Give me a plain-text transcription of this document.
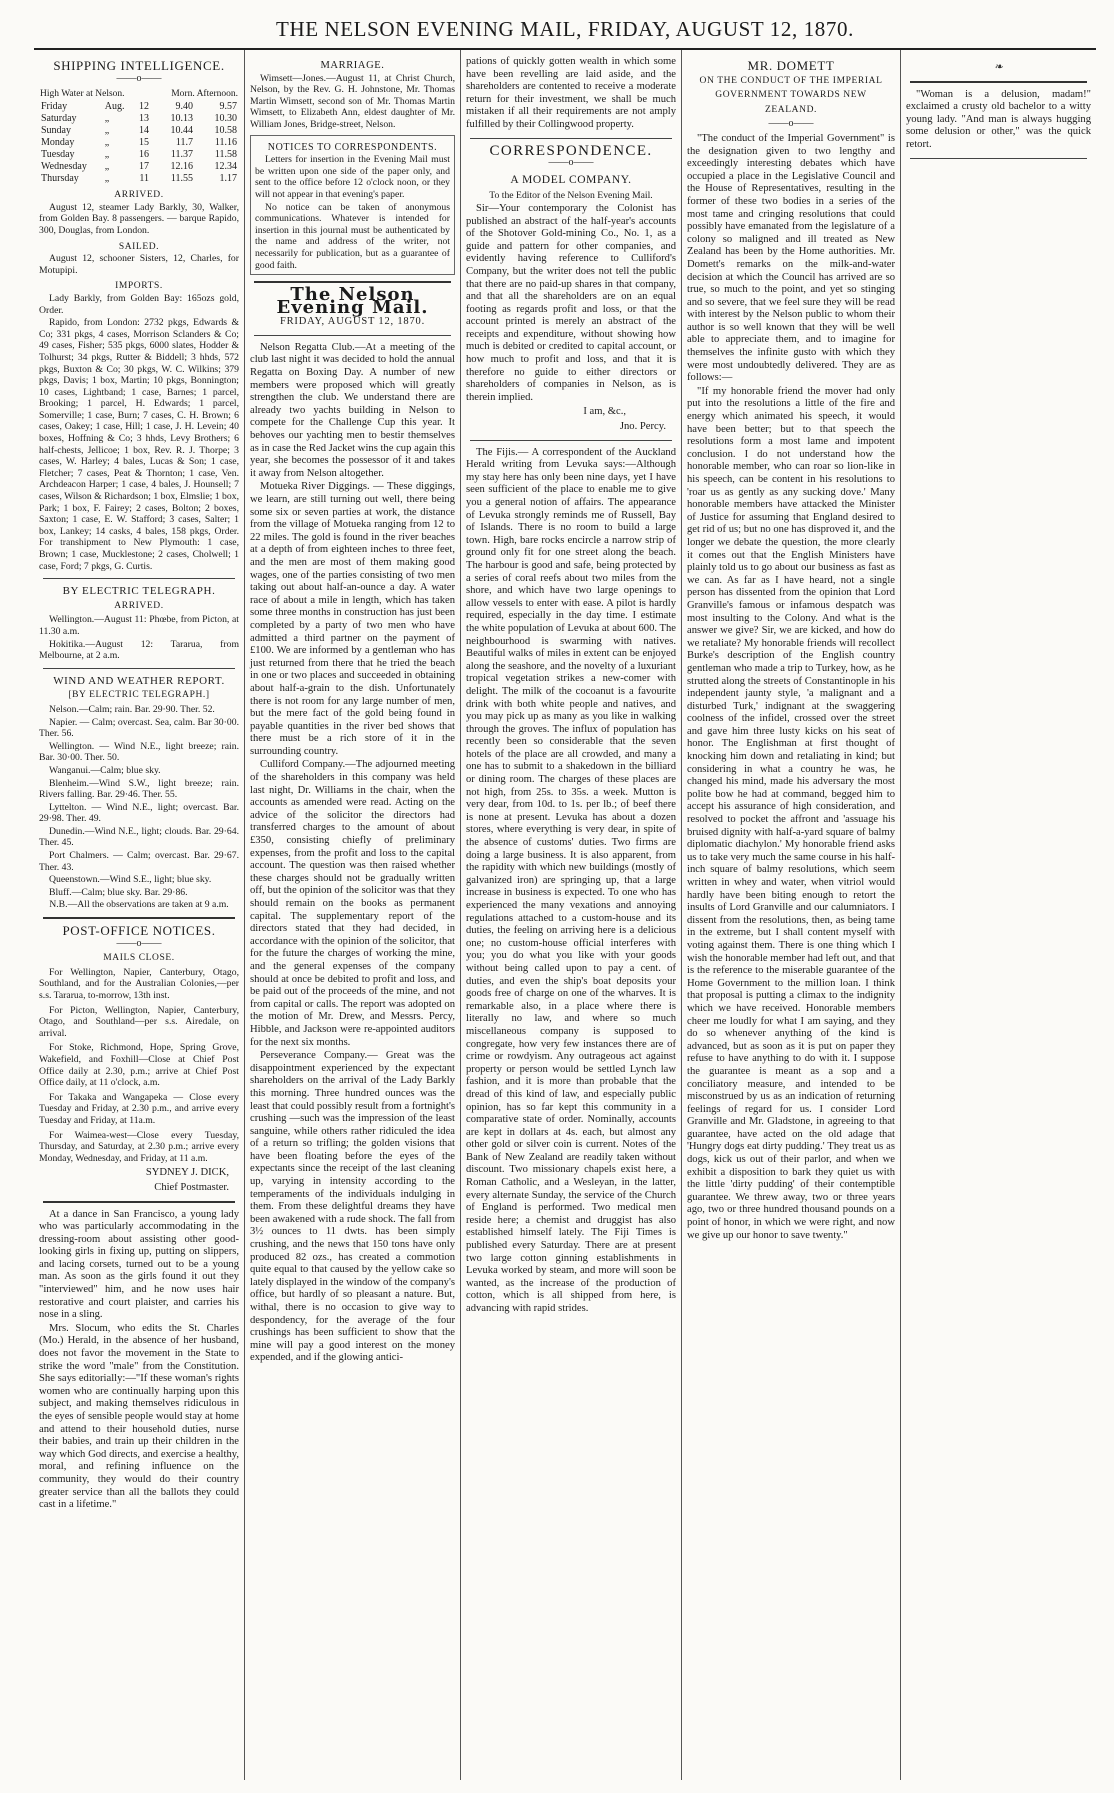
THE NELSON EVENING MAIL, FRIDAY, AUGUST 12, 1870.
SHIPPING INTELLIGENCE.
——o——
High Water at Nelson.			Morn. Afternoon.	
Friday	Aug.	12	9.40	9.57
Saturday	„	13	10.13	10.30
Sunday	„	14	10.44	10.58
Monday	„	15	11.7	11.16
Tuesday	„	16	11.37	11.58
Wednesday	„	17	12.16	12.34
Thursday	„	11	11.55	1.17
ARRIVED.
August 12, steamer Lady Barkly, 30, Walker, from Golden Bay. 8 passengers. — barque Rapido, 300, Douglas, from London.
SAILED.
August 12, schooner Sisters, 12, Charles, for Motupipi.
IMPORTS.
Lady Barkly, from Golden Bay: 165ozs gold, Order.
Rapido, from London: 2732 pkgs, Edwards & Co; 331 pkgs, 4 cases, Morrison Sclanders & Co; 49 cases, Fisher; 535 pkgs, 6000 slates, Hodder & Tolhurst; 34 pkgs, Rutter & Biddell; 3 hhds, 572 pkgs, Buxton & Co; 30 pkgs, W. C. Wilkins; 379 pkgs, Davis; 1 box, Martin; 10 pkgs, Bonnington; 10 cases, Lightband; 1 case, Barnes; 1 parcel, Brooking; 1 parcel, H. Edwards; 1 parcel, Somerville; 1 case, Burn; 7 cases, C. H. Brown; 6 cases, Oakey; 1 case, Hill; 1 case, J. H. Levein; 40 boxes, Hoffning & Co; 3 hhds, Levy Brothers; 6 half-chests, Jellicoe; 1 box, Rev. R. J. Thorpe; 3 cases, W. Harley; 4 bales, Lucas & Son; 1 case, Fletcher; 7 cases, Peat & Thornton; 1 case, Ven. Archdeacon Harper; 1 case, 4 bales, J. Hounsell; 7 cases, Wilson & Richardson; 1 box, Elmslie; 1 box, Park; 1 box, F. Fairey; 2 cases, Bolton; 2 boxes, Saxton; 1 case, E. W. Stafford; 3 cases, Salter; 1 box, Lankey; 14 casks, 4 bales, 158 pkgs, Order. For transhipment to New Plymouth: 1 case, Brown; 1 case, Mucklestone; 2 cases, Cholwell; 1 case, Ford; 7 pkgs, G. Curtis.
BY ELECTRIC TELEGRAPH.
ARRIVED.
Wellington.—August 11: Phœbe, from Picton, at 11.30 a.m.
Hokitika.—August 12: Tararua, from Melbourne, at 2 a.m.
WIND AND WEATHER REPORT.
[BY ELECTRIC TELEGRAPH.]
Nelson.—Calm; rain. Bar. 29·90. Ther. 52.
Napier. — Calm; overcast. Sea, calm. Bar 30·00. Ther. 56.
Wellington. — Wind N.E., light breeze; rain. Bar. 30·00. Ther. 50.
Wanganui.—Calm; blue sky.
Blenheim.—Wind S.W., light breeze; rain. Rivers falling. Bar. 29·46. Ther. 55.
Lyttelton. — Wind N.E., light; overcast. Bar. 29·98. Ther. 49.
Dunedin.—Wind N.E., light; clouds. Bar. 29·64. Ther. 45.
Port Chalmers. — Calm; overcast. Bar. 29·67. Ther. 43.
Queenstown.—Wind S.E., light; blue sky.
Bluff.—Calm; blue sky. Bar. 29·86.
N.B.—All the observations are taken at 9 a.m.
POST-OFFICE NOTICES.
——o——
MAILS CLOSE.
For Wellington, Napier, Canterbury, Otago, Southland, and for the Australian Colonies,—per s.s. Tararua, to-morrow, 13th inst.
For Picton, Wellington, Napier, Canterbury, Otago, and Southland—per s.s. Airedale, on arrival.
For Stoke, Richmond, Hope, Spring Grove, Wakefield, and Foxhill—Close at Chief Post Office daily at 2.30, p.m.; arrive at Chief Post Office daily, at 11 o'clock, a.m.
For Takaka and Wangapeka — Close every Tuesday and Friday, at 2.30 p.m., and arrive every Tuesday and Friday, at 11a.m.
For Waimea-west—Close every Tuesday, Thursday, and Saturday, at 2.30 p.m.; arrive every Monday, Wednesday, and Friday, at 11 a.m.
SYDNEY J. DICK,
Chief Postmaster.
At a dance in San Francisco, a young lady who was particularly accommodating in the dressing-room about assisting other good-looking girls in fixing up, putting on slippers, and lacing corsets, turned out to be a young man. As soon as the girls found it out they "interviewed" him, and he now uses hair restorative and court plaister, and carries his nose in a sling.
Mrs. Slocum, who edits the St. Charles (Mo.) Herald, in the absence of her husband, does not favor the movement in the State to strike the word "male" from the Constitution. She says editorially:—"If these woman's rights women who are continually harping upon this subject, and making themselves ridiculous in the eyes of sensible people would stay at home and attend to their household duties, nurse their babies, and train up their children in the way which God directs, and exercise a healthy, moral, and refining influence on the community, they would do their country greater service than all the ballots they could cast in a lifetime."
MARRIAGE.
Wimsett—Jones.—August 11, at Christ Church, Nelson, by the Rev. G. H. Johnstone, Mr. Thomas Martin Wimsett, second son of Mr. Thomas Martin Wimsett, to Elizabeth Ann, eldest daughter of Mr. William Jones, Bridge-street, Nelson.
NOTICES TO CORRESPONDENTS.
Letters for insertion in the Evening Mail must be written upon one side of the paper only, and sent to the office before 12 o'clock noon, or they will not appear in that evening's paper.
No notice can be taken of anonymous communications. Whatever is intended for insertion in this journal must be authenticated by the name and address of the writer, not necessarily for publication, but as a guarantee of good faith.
The Nelson Evening Mail.
FRIDAY, AUGUST 12, 1870.
Nelson Regatta Club.—At a meeting of the club last night it was decided to hold the annual Regatta on Boxing Day. A number of new members were proposed which will greatly strengthen the club. We understand there are already two yachts building in Nelson to compete for the Challenge Cup this year. It behoves our yachting men to bestir themselves as in case the Red Jacket wins the cup again this year, she becomes the possessor of it and takes it away from Nelson altogether.
Motueka River Diggings. — These diggings, we learn, are still turning out well, there being some six or seven parties at work, the distance from the village of Motueka ranging from 12 to 22 miles. The gold is found in the river beaches at a depth of from eighteen inches to three feet, and the men are most of them making good wages, one of the parties consisting of two men taking out about half-an-ounce a day. A water race of about a mile in length, which has taken some three months in construction has just been completed by a party of two men who have admitted a third partner on the payment of £100. We are informed by a gentleman who has just returned from there that he tried the beach in one or two places and succeeded in obtaining about half-a-grain to the dish. Unfortunately there is not room for any large number of men, but the mere fact of the gold being found in payable quantities in the river bed shows that there must be a rich store of it in the surrounding country.
Culliford Company.—The adjourned meeting of the shareholders in this company was held last night, Dr. Williams in the chair, when the accounts as amended were read. Acting on the advice of the solicitor the directors had transferred charges to the amount of about £350, consisting chiefly of preliminary expenses, from the profit and loss to the capital account. The question was then raised whether these charges should not be gradually written off, but the opinion of the solicitor was that they should remain on the books as permanent capital. The supplementary report of the directors stated that they had decided, in accordance with the opinion of the solicitor, that for the future the charges of working the mine, and the general expenses of the company should at once be debited to profit and loss, and be paid out of the proceeds of the mine, and not from capital or calls. The report was adopted on the motion of Mr. Drew, and Messrs. Percy, Hibble, and Jackson were re-appointed auditors for the next six months.
Perseverance Company.— Great was the disappointment experienced by the expectant shareholders on the arrival of the Lady Barkly this morning. Three hundred ounces was the least that could possibly result from a fortnight's crushing —such was the impression of the least sanguine, while others rather ridiculed the idea of a return so trifling; the golden visions that have been floating before the eyes of the expectants since the receipt of the last cleaning up, varying in intensity according to the temperaments of the individuals indulging in them. From these delightful dreams they have been awakened with a rude shock. The fall from 3½ ounces to 11 dwts. has been simply crushing, and the news that 150 tons have only produced 82 ozs., has created a commotion quite equal to that caused by the yellow cake so lately displayed in the window of the company's office, but hardly of so pleasant a nature. But, withal, there is no occasion to give way to despondency, for the average of the four crushings has been sufficient to show that the mine will pay a good interest on the money expended, and if the glowing antici-
pations of quickly gotten wealth in which some have been revelling are laid aside, and the shareholders are contented to receive a moderate return for their investment, we shall be much mistaken if all their requirements are not amply fulfilled by their Collingwood property.
CORRESPONDENCE.
——o——
A MODEL COMPANY.
To the Editor of the Nelson Evening Mail.
Sir—Your contemporary the Colonist has published an abstract of the half-year's accounts of the Shotover Gold-mining Co., No. 1, as a guide and pattern for other companies, and evidently having reference to Culliford's Company, but the writer does not tell the public that there are no paid-up shares in that company, and that all the shareholders are on an equal footing as regards profit and loss, or that the account printed is merely an abstract of the receipts and expenditure, without showing how much is debited or credited to capital account, or how much to profit and loss, and that it is therefore no guide to either directors or shareholders of companies in Nelson, as is therein implied.
I am, &c.,
Jno. Percy.
The Fijis.— A correspondent of the Auckland Herald writing from Levuka says:—Although my stay here has only been nine days, yet I have seen sufficient of the place to enable me to give you a general notion of affairs. The appearance of Levuka strongly reminds me of Russell, Bay of Islands. There is no room to build a large town. High, bare rocks encircle a narrow strip of ground only fit for one street along the beach. The harbour is good and safe, being protected by a series of coral reefs about two miles from the shore, and which have two large openings to allow vessels to enter with ease. A pilot is hardly required, especially in the day time. I estimate the white population of Levuka at about 600. The neighbourhood is swarming with natives. Beautiful walks of miles in extent can be enjoyed along the seashore, and the novelty of a luxuriant tropical vegetation strikes a new-comer with delight. The milk of the cocoanut is a favourite drink with both white people and natives, and you may pick up as many as you like in walking through the groves. The influx of population has recently been so considerable that the seven hotels of the place are all crowded, and many a one has to submit to a shakedown in the billiard or dining room. The charges of these places are not high, from 25s. to 35s. a week. Mutton is very dear, from 10d. to 1s. per lb.; of beef there is none at present. Levuka has about a dozen stores, where everything is very dear, in spite of the absence of customs' duties. Two firms are doing a large business. It is also apparent, from the rapidity with which new buildings (mostly of galvanized iron) are springing up, that a large increase in business is expected. To one who has experienced the many vexations and annoying regulations attached to a custom-house and its duties, the feeling on arriving here is a delicious one; no custom-house official interferes with you; you do what you like with your goods without being called upon to pay a cent. of duties, and even the ship's boat deposits your goods free of charge on one of the wharves. It is remarkable also, in a place where there is literally no law, and where so much miscellaneous company is supposed to congregate, how very few instances there are of crime or rowdyism. Any outrageous act against property or person would be settled Lynch law fashion, and it is more than probable that the dread of this kind of law, and especially public opinion, has so far kept this community in a comparative state of order. Nominally, accounts are kept in dollars at 4s. each, but almost any other gold or silver coin is current. Notes of the Bank of New Zealand are readily taken without discount. Two missionary chapels exist here, a Roman Catholic, and a Wesleyan, in the latter, every alternate Sunday, the service of the Church of England is performed. Two medical men reside here; a chemist and druggist has also established himself lately. The Fiji Times is published every Saturday. There are at present two large cotton ginning establishments in Levuka worked by steam, and more will soon be wanted, as the increase of the production of cotton, which is all shipped from here, is advancing with rapid strides.
MR. DOMETT
ON THE CONDUCT OF THE IMPERIAL
GOVERNMENT TOWARDS NEW
ZEALAND.
——o——
"The conduct of the Imperial Government" is the designation given to two lengthy and exceedingly interesting debates which have occupied a place in the Legislative Council and the House of Representatives, resulting in the former of these two bodies in a series of the most tame and cringing resolutions that could possibly have emanated from the legislature of a colony so maligned and ill treated as New Zealand has been by the Home authorities. Mr. Domett's remarks on the milk-and-water decision at which the Council has arrived are so true, so much to the point, and yet so stinging and so severe, that we feel sure they will be read with interest by the Nelson public to whom their author is so well known that they will be well able to appreciate them, and to imagine for themselves the infinite gusto with which they were most undoubtedly delivered. They are as follows:—
"If my honorable friend the mover had only put into the resolutions a little of the fire and energy which animated his speech, it would have been better; but to that speech the resolutions form a most lame and impotent conclusion. I do not understand how the honorable member, who can roar so lion-like in his speech, can be content in his resolutions to 'roar us as gently as any sucking dove.' Many honorable members have attacked the Minister of Justice for assuming that England desired to get rid of us; but no one has disproved it, and the longer we debate the question, the more clearly it comes out that the English Ministers have plainly told us to go about our business as fast as we can. As far as I have heard, not a single person has dissented from the opinion that Lord Granville's famous or infamous despatch was most insulting to the Colony. And what is the answer we give? Sir, we are kicked, and how do we retaliate? My honorable friends will recollect Burke's description of the English country gentleman who made a trip to Turkey, how, as he strutted along the streets of Constantinople in his independent jaunty style, 'a malignant and a disturbed Turk,' indignant at the swaggering coolness of the infidel, crossed over the street and gave him three lusty kicks on his seat of honor. The Englishman at first thought of knocking him down and retaliating in kind; but considering in what a country he was, he changed his mind, made his adversary the most polite bow he had at command, begged him to accept his assurance of high consideration, and resolved to pocket the affront and 'assuage his bruised dignity with half-a-yard square of balmy diplomatic diachylon.' My honorable friend asks us to take very much the same course in his half-inch square of balmy resolutions, which seem written in whey and water, when vitriol would hardly have been biting enough to retort the insults of Lord Granville and our calumniators. I dissent from the resolutions, then, as being tame in the extreme, but I shall content myself with voting against them. There is one thing which I wish the honorable member had left out, and that is the reference to the miserable guarantee of the Home Government to the million loan. I think that proposal is putting a climax to the indignity which we have received. Honorable members cheer me loudly for what I am saying, and they do so whenever anything of the kind is advanced, but as soon as it is put on paper they refuse to have anything to do with it. I suppose the guarantee is meant as a sop and a conciliatory measure, and intended to be misconstrued by us as an indication of returning feelings of regard for us. I consider Lord Granville and Mr. Gladstone, in agreeing to that guarantee, have acted on the old adage that 'Hungry dogs eat dirty pudding.' They treat us as dogs, kick us out of their parlor, and when we exhibit a disposition to bark they quiet us with the little 'dirty pudding' of their contemptible guarantee. We threw away, two or three years ago, two or three hundred thousand pounds on a point of honor, in which we were right, and now we give up our honor to save twenty."
❧
"Woman is a delusion, madam!" exclaimed a crusty old bachelor to a witty young lady. "And man is always hugging some delusion or other," was the quick retort.
